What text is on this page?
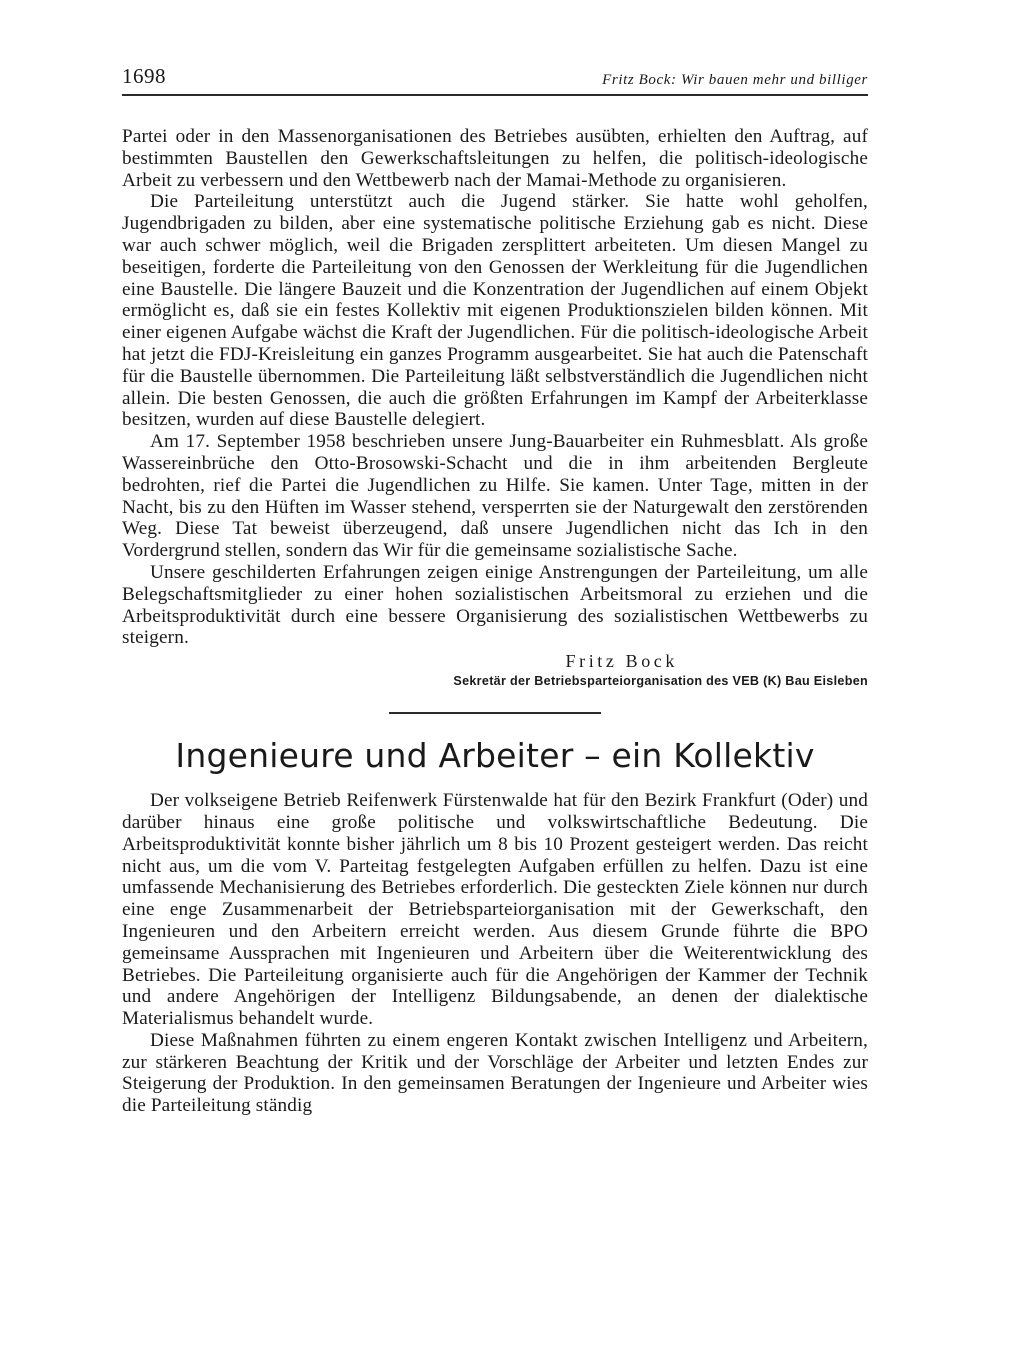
1698	Fritz Bock: Wir bauen mehr und billiger

Partei oder in den Massenorganisationen des Betriebes ausübten, erhielten den Auftrag, auf bestimmten Baustellen den Gewerkschaftsleitungen zu helfen, die politisch-ideologische Arbeit zu verbessern und den Wettbewerb nach der Mamai-Methode zu organisieren.

Die Parteileitung unterstützt auch die Jugend stärker. Sie hatte wohl geholfen, Jugendbrigaden zu bilden, aber eine systematische politische Erziehung gab es nicht. Diese war auch schwer möglich, weil die Brigaden zersplittert arbeiteten. Um diesen Mangel zu beseitigen, forderte die Parteileitung von den Genossen der Werkleitung für die Jugendlichen eine Baustelle. Die längere Bauzeit und die Konzentration der Jugendlichen auf einem Objekt ermöglicht es, daß sie ein festes Kollektiv mit eigenen Produktionszielen bilden können. Mit einer eigenen Aufgabe wächst die Kraft der Jugendlichen. Für die politisch-ideologische Arbeit hat jetzt die FDJ-Kreisleitung ein ganzes Programm ausgearbeitet. Sie hat auch die Patenschaft für die Baustelle übernommen. Die Parteileitung läßt selbstverständlich die Jugendlichen nicht allein. Die besten Genossen, die auch die größten Erfahrungen im Kampf der Arbeiterklasse besitzen, wurden auf diese Baustelle delegiert.

Am 17. September 1958 beschrieben unsere Jung-Bauarbeiter ein Ruhmesblatt. Als große Wassereinbrüche den Otto-Brosowski-Schacht und die in ihm arbeitenden Bergleute bedrohten, rief die Partei die Jugendlichen zu Hilfe. Sie kamen. Unter Tage, mitten in der Nacht, bis zu den Hüften im Wasser stehend, versperrten sie der Naturgewalt den zerstörenden Weg. Diese Tat beweist überzeugend, daß unsere Jugendlichen nicht das Ich in den Vordergrund stellen, sondern das Wir für die gemeinsame sozialistische Sache.

Unsere geschilderten Erfahrungen zeigen einige Anstrengungen der Parteileitung, um alle Belegschaftsmitglieder zu einer hohen sozialistischen Arbeitsmoral zu erziehen und die Arbeitsproduktivität durch eine bessere Organisierung des sozialistischen Wettbewerbs zu steigern.

Fritz Bock
Sekretär der Betriebsparteiorganisation des VEB (K) Bau Eisleben
Ingenieure und Arbeiter – ein Kollektiv

Der volkseigene Betrieb Reifenwerk Fürstenwalde hat für den Bezirk Frankfurt (Oder) und darüber hinaus eine große politische und volkswirtschaftliche Bedeutung. Die Arbeitsproduktivität konnte bisher jährlich um 8 bis 10 Prozent gesteigert werden. Das reicht nicht aus, um die vom V. Parteitag festgelegten Aufgaben erfüllen zu helfen. Dazu ist eine umfassende Mechanisierung des Betriebes erforderlich. Die gesteckten Ziele können nur durch eine enge Zusammenarbeit der Betriebsparteiorganisation mit der Gewerkschaft, den Ingenieuren und den Arbeitern erreicht werden. Aus diesem Grunde führte die BPO gemeinsame Aussprachen mit Ingenieuren und Arbeitern über die Weiterentwicklung des Betriebes. Die Parteileitung organisierte auch für die Angehörigen der Kammer der Technik und andere Angehörigen der Intelligenz Bildungsabende, an denen der dialektische Materialismus behandelt wurde.

Diese Maßnahmen führten zu einem engeren Kontakt zwischen Intelligenz und Arbeitern, zur stärkeren Beachtung der Kritik und der Vorschläge der Arbeiter und letzten Endes zur Steigerung der Produktion. In den gemeinsamen Beratungen der Ingenieure und Arbeiter wies die Parteileitung ständig
